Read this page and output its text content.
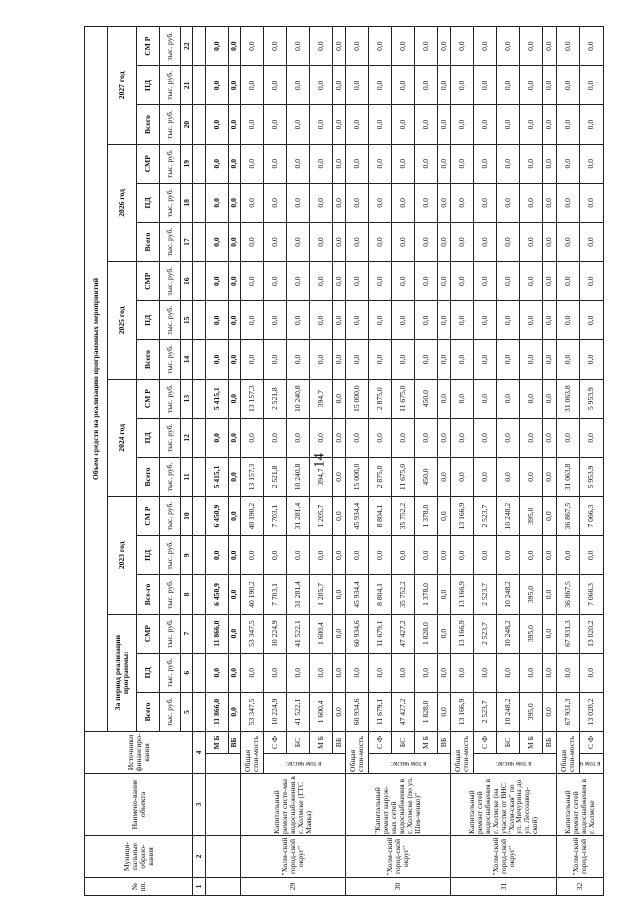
14
№ пп.	Муници-пальные образо-вания	Наимено-вание объекта	Источники финансиро-вания		Объем средств на реализацию программных мероприятий																	
					За период реализации программы:			2023 год			2024 год			2025 год			2026 год			2027 год		
					Всего	ПД	СМР	Все-го	ПД	СМ Р	Всего	ПД	СМ Р	Всего	ПД	СМР	Всего	ПД	СМР	Всего	ПД	СМ Р
					тыс. руб.	тыс. руб.	тыс. руб.	тыс. руб.	тыс. руб.	тыс. руб.	тыс. руб.	тыс. руб.	тыс. руб.	тыс. руб.	тыс. руб.	тыс. руб.	тыс. руб.	тыс. руб.	тыс. руб.	тыс. руб.	тыс. руб.	тыс. руб.
					5	6	7	8	9	10	11	12	13	14	15	16	17	18	19	20	21	22
1	2	3	4																			
				М Б	11 866,0	0,0	11 866,0	6 450,9	0,0	6 450,9	5 415,1	0,0	5 415,1	0,0	0,0	0,0	0,0	0,0	0,0	0,0	0,0	0,0
				ВБ	0,0	0,0	0,0	0,0	0,0	0,0	0,0	0,0	0,0	0,0	0,0	0,0	0,0	0,0	0,0	0,0	0,0	0,0
29	"Холм-ский город-ской округ"	Капитальный ремонт систе-мы водоснаб-жения в г. Холмске (ГТС Маяка)	Общая стои-мость		53 347,5	0,0	53 347,5	40 190,2	0,0	40 190,2	13 157,3	0,0	13 157,3	0,0	0,0	0,0	0,0	0,0	0,0	0,0	0,0	0,0
			в том числе:	С Ф	10 224,9	0,0	10 224,9	7 703,1	0,0	7 703,1	2 521,8	0,0	2 521,8	0,0	0,0	0,0	0,0	0,0	0,0	0,0	0,0	0,0
				БС	41 522,1	0,0	41 522,1	31 281,4	0,0	31 281,4	10 240,8	0,0	10 240,8	0,0	0,0	0,0	0,0	0,0	0,0	0,0	0,0	0,0
				М Б	1 600,4	0,0	1 600,4	1 205,7	0,0	1 205,7	394,7	0,0	394,7	0,0	0,0	0,0	0,0	0,0	0,0	0,0	0,0	0,0
				ВБ	0,0	0,0	0,0	0,0	0,0	0,0	0,0	0,0	0,0	0,0	0,0	0,0	0,0	0,0	0,0	0,0	0,0	0,0
30	"Холм-ский город-ской округ"	"Капитальный ремонт наруж-ных сетей водоснабжения в г. Холмске (по ул. Шев-ченко)"	Общая стои-мость		60 934,6	0,0	60 934,6	45 934,4	0,0	45 934,4	15 000,0	0,0	15 000,0	0,0	0,0	0,0	0,0	0,0	0,0	0,0	0,0	0,0
			в том числе:	С Ф	11 679,1	0,0	11 679,1	8 804,1	0,0	8 804,1	2 875,0	0,0	2 875,0	0,0	0,0	0,0	0,0	0,0	0,0	0,0	0,0	0,0
				БС	47 427,2	0,0	47 427,2	35 752,2	0,0	35 752,2	11 675,0	0,0	11 675,0	0,0	0,0	0,0	0,0	0,0	0,0	0,0	0,0	0,0
				М Б	1 828,0	0,0	1 828,0	1 378,0	0,0	1 378,0	450,0	0,0	450,0	0,0	0,0	0,0	0,0	0,0	0,0	0,0	0,0	0,0
				ВБ	0,0	0,0	0,0	0,0	0,0	0,0	0,0	0,0	0,0	0,0	0,0	0,0	0,0	0,0	0,0	0,0	0,0	0,0
31	"Холм-ский город-ской округ"	Капитальный ремонт сетей водоснабжения в г. Холмске (на участке от ВНС "Холм-ская" по ул. Мичурина до ул. Лесозавод-ской)	Общая стои-мость		13 166,9	0,0	13 166,9	13 166,9	0,0	13 166,9	0,0	0,0	0,0	0,0	0,0	0,0	0,0	0,0	0,0	0,0	0,0	0,0
			в том числе:	С Ф	2 523,7	0,0	2 523,7	2 523,7	0,0	2 523,7	0,0	0,0	0,0	0,0	0,0	0,0	0,0	0,0	0,0	0,0	0,0	0,0
				БС	10 248,2	0,0	10 248,2	10 248,2	0,0	10 248,2	0,0	0,0	0,0	0,0	0,0	0,0	0,0	0,0	0,0	0,0	0,0	0,0
				М Б	395,0	0,0	395,0	395,0	0,0	395,0	0,0	0,0	0,0	0,0	0,0	0,0	0,0	0,0	0,0	0,0	0,0	0,0
				ВБ	0,0	0,0	0,0	0,0	0,0	0,0	0,0	0,0	0,0	0,0	0,0	0,0	0,0	0,0	0,0	0,0	0,0	0,0
32	"Холм-ский город-ской	Капитальный ремонт сетей водоснабжения в г. Холмске	Общая стои-мость		67 931,3	0,0	67 931,3	36 867,5	0,0	36 867,5	31 063,8	0,0	31 063,8	0,0	0,0	0,0	0,0	0,0	0,0	0,0	0,0	0,0
			в том ч	С Ф	13 020,2	0,0	13 020,2	7 066,3	0,0	7 066,3	5 953,9	0,0	5 953,9	0,0	0,0	0,0	0,0	0,0	0,0	0,0	0,0	0,0
